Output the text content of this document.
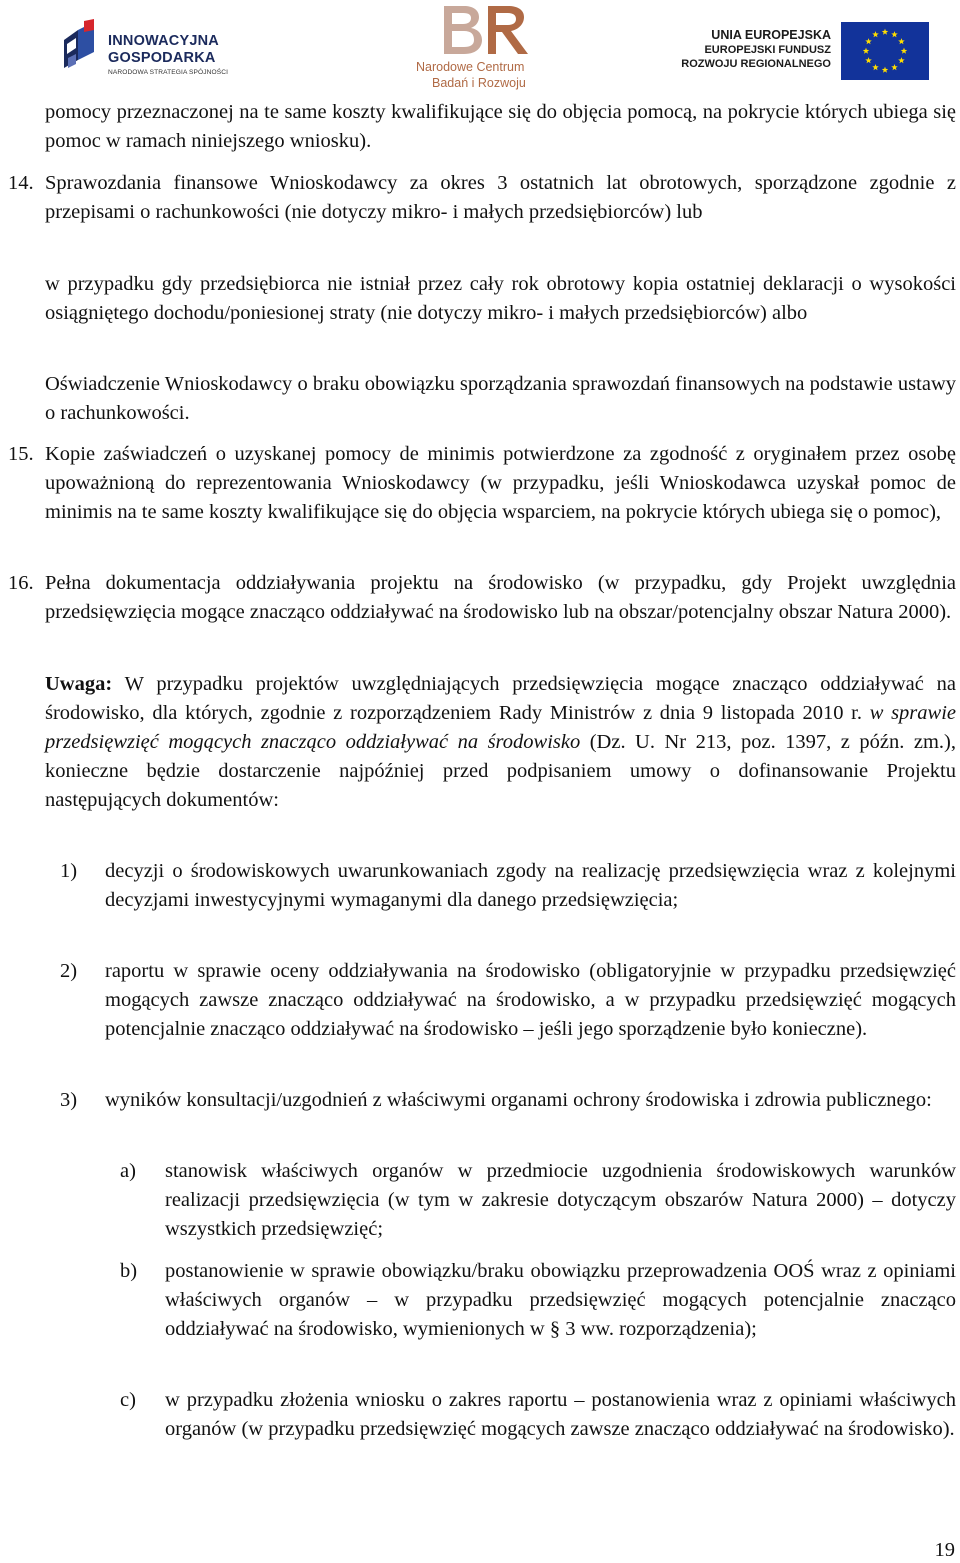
INNOWACYJNA
GOSPODARKA
NARODOWA STRATEGIA SPÓJNOŚCI	Narodowe Centrum
Badań i Rozwoju
UNIA EUROPEJSKA
EUROPEJSKI FUNDUSZ
ROZWOJU REGIONALNEGO

pomocy przeznaczonej na te same koszty kwalifikujące się do objęcia pomocą, na pokrycie których ubiega się pomoc w ramach niniejszego wniosku).

14. Sprawozdania finansowe Wnioskodawcy za okres 3 ostatnich lat obrotowych, sporządzone zgodnie z przepisami o rachunkowości (nie dotyczy mikro- i małych przedsiębiorców) lub

w przypadku gdy przedsiębiorca nie istniał przez cały rok obrotowy kopia ostatniej deklaracji o wysokości osiągniętego dochodu/poniesionej straty (nie dotyczy mikro- i małych przedsiębiorców) albo

Oświadczenie Wnioskodawcy o braku obowiązku sporządzania sprawozdań finansowych na podstawie ustawy o rachunkowości.

15. Kopie zaświadczeń o uzyskanej pomocy de minimis potwierdzone za zgodność z oryginałem przez osobę upoważnioną do reprezentowania Wnioskodawcy (w przypadku, jeśli Wnioskodawca uzyskał pomoc de minimis na te same koszty kwalifikujące się do objęcia wsparciem, na pokrycie których ubiega się o pomoc),

16. Pełna dokumentacja oddziaływania projektu na środowisko (w przypadku, gdy Projekt uwzględnia przedsięwzięcia mogące znacząco oddziaływać na środowisko lub na obszar/potencjalny obszar Natura 2000).

Uwaga: W przypadku projektów uwzględniających przedsięwzięcia mogące znacząco oddziaływać na środowisko, dla których, zgodnie z rozporządzeniem Rady Ministrów z dnia 9 listopada 2010 r. w sprawie przedsięwzięć mogących znacząco oddziaływać na środowisko (Dz. U. Nr 213, poz. 1397, z późn. zm.), konieczne będzie dostarczenie najpóźniej przed podpisaniem umowy o dofinansowanie Projektu następujących dokumentów:

1) decyzji o środowiskowych uwarunkowaniach zgody na realizację przedsięwzięcia wraz z kolejnymi decyzjami inwestycyjnymi wymaganymi dla danego przedsięwzięcia;

2) raportu w sprawie oceny oddziaływania na środowisko (obligatoryjnie w przypadku przedsięwzięć mogących zawsze znacząco oddziaływać na środowisko, a w przypadku przedsięwzięć mogących potencjalnie znacząco oddziaływać na środowisko – jeśli jego sporządzenie było konieczne).

3) wyników konsultacji/uzgodnień z właściwymi organami ochrony środowiska i zdrowia publicznego:

a) stanowisk właściwych organów w przedmiocie uzgodnienia środowiskowych warunków realizacji przedsięwzięcia (w tym w zakresie dotyczącym obszarów Natura 2000) – dotyczy wszystkich przedsięwzięć;

b) postanowienie w sprawie obowiązku/braku obowiązku przeprowadzenia OOŚ wraz z opiniami właściwych organów – w przypadku przedsięwzięć mogących potencjalnie znacząco oddziaływać na środowisko, wymienionych w § 3 ww. rozporządzenia);

c) w przypadku złożenia wniosku o zakres raportu – postanowienia wraz z opiniami właściwych organów (w przypadku przedsięwzięć mogących zawsze znacząco oddziaływać na środowisko).

19
